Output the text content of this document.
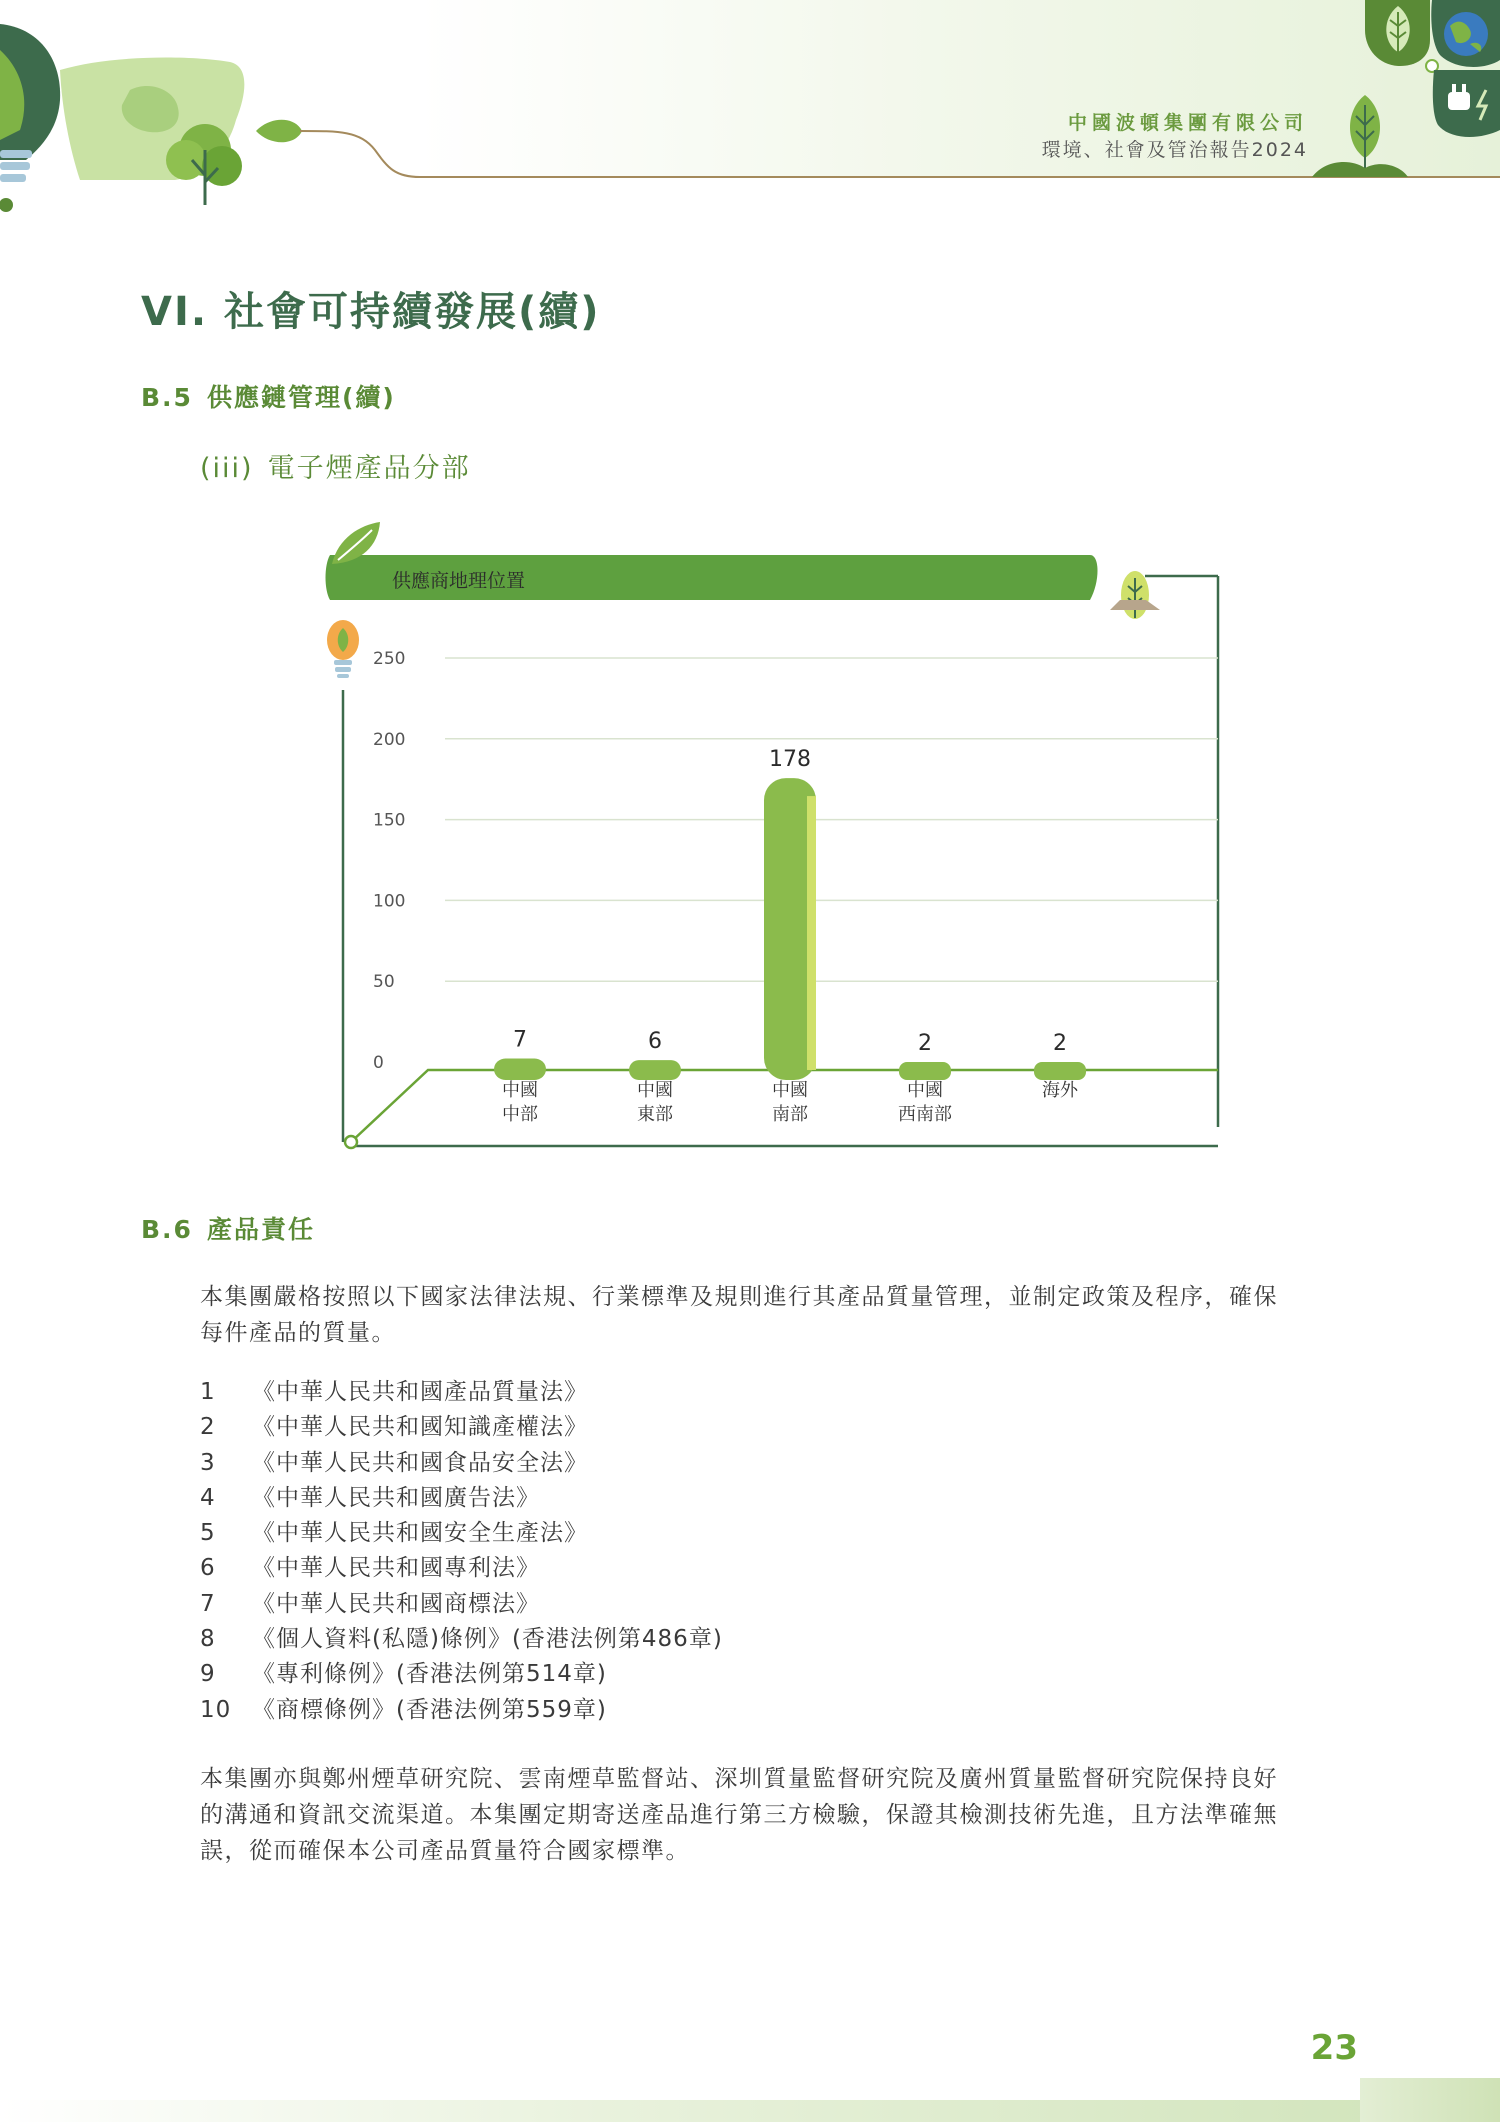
中國波頓集團有限公司
環境、社會及管治報告2024
VI. 社會可持續發展(續)
B.5 供應鏈管理(續)
(iii) 電子煙產品分部
供應商地理位置
0
50
100
150
200
250
7	6
178
2	2
中國
中部
中國
東部
中國
南部
中國
西南部
海外
B.6 產品責任

本集團嚴格按照以下國家法律法規、行業標準及規則進行其產品質量管理，並制定政策及程序，確保
每件產品的質量。

1 《中華人民共和國產品質量法》
2 《中華人民共和國知識產權法》
3 《中華人民共和國食品安全法》
4 《中華人民共和國廣告法》
5 《中華人民共和國安全生產法》
6 《中華人民共和國專利法》
7 《中華人民共和國商標法》
8 《個人資料(私隱)條例》(香港法例第486章)
9 《專利條例》(香港法例第514章)
10 《商標條例》(香港法例第559章)

本集團亦與鄭州煙草研究院、雲南煙草監督站、深圳質量監督研究院及廣州質量監督研究院保持良好
的溝通和資訊交流渠道。本集團定期寄送產品進行第三方檢驗，保證其檢測技術先進，且方法準確無
誤，從而確保本公司產品質量符合國家標準。

23
